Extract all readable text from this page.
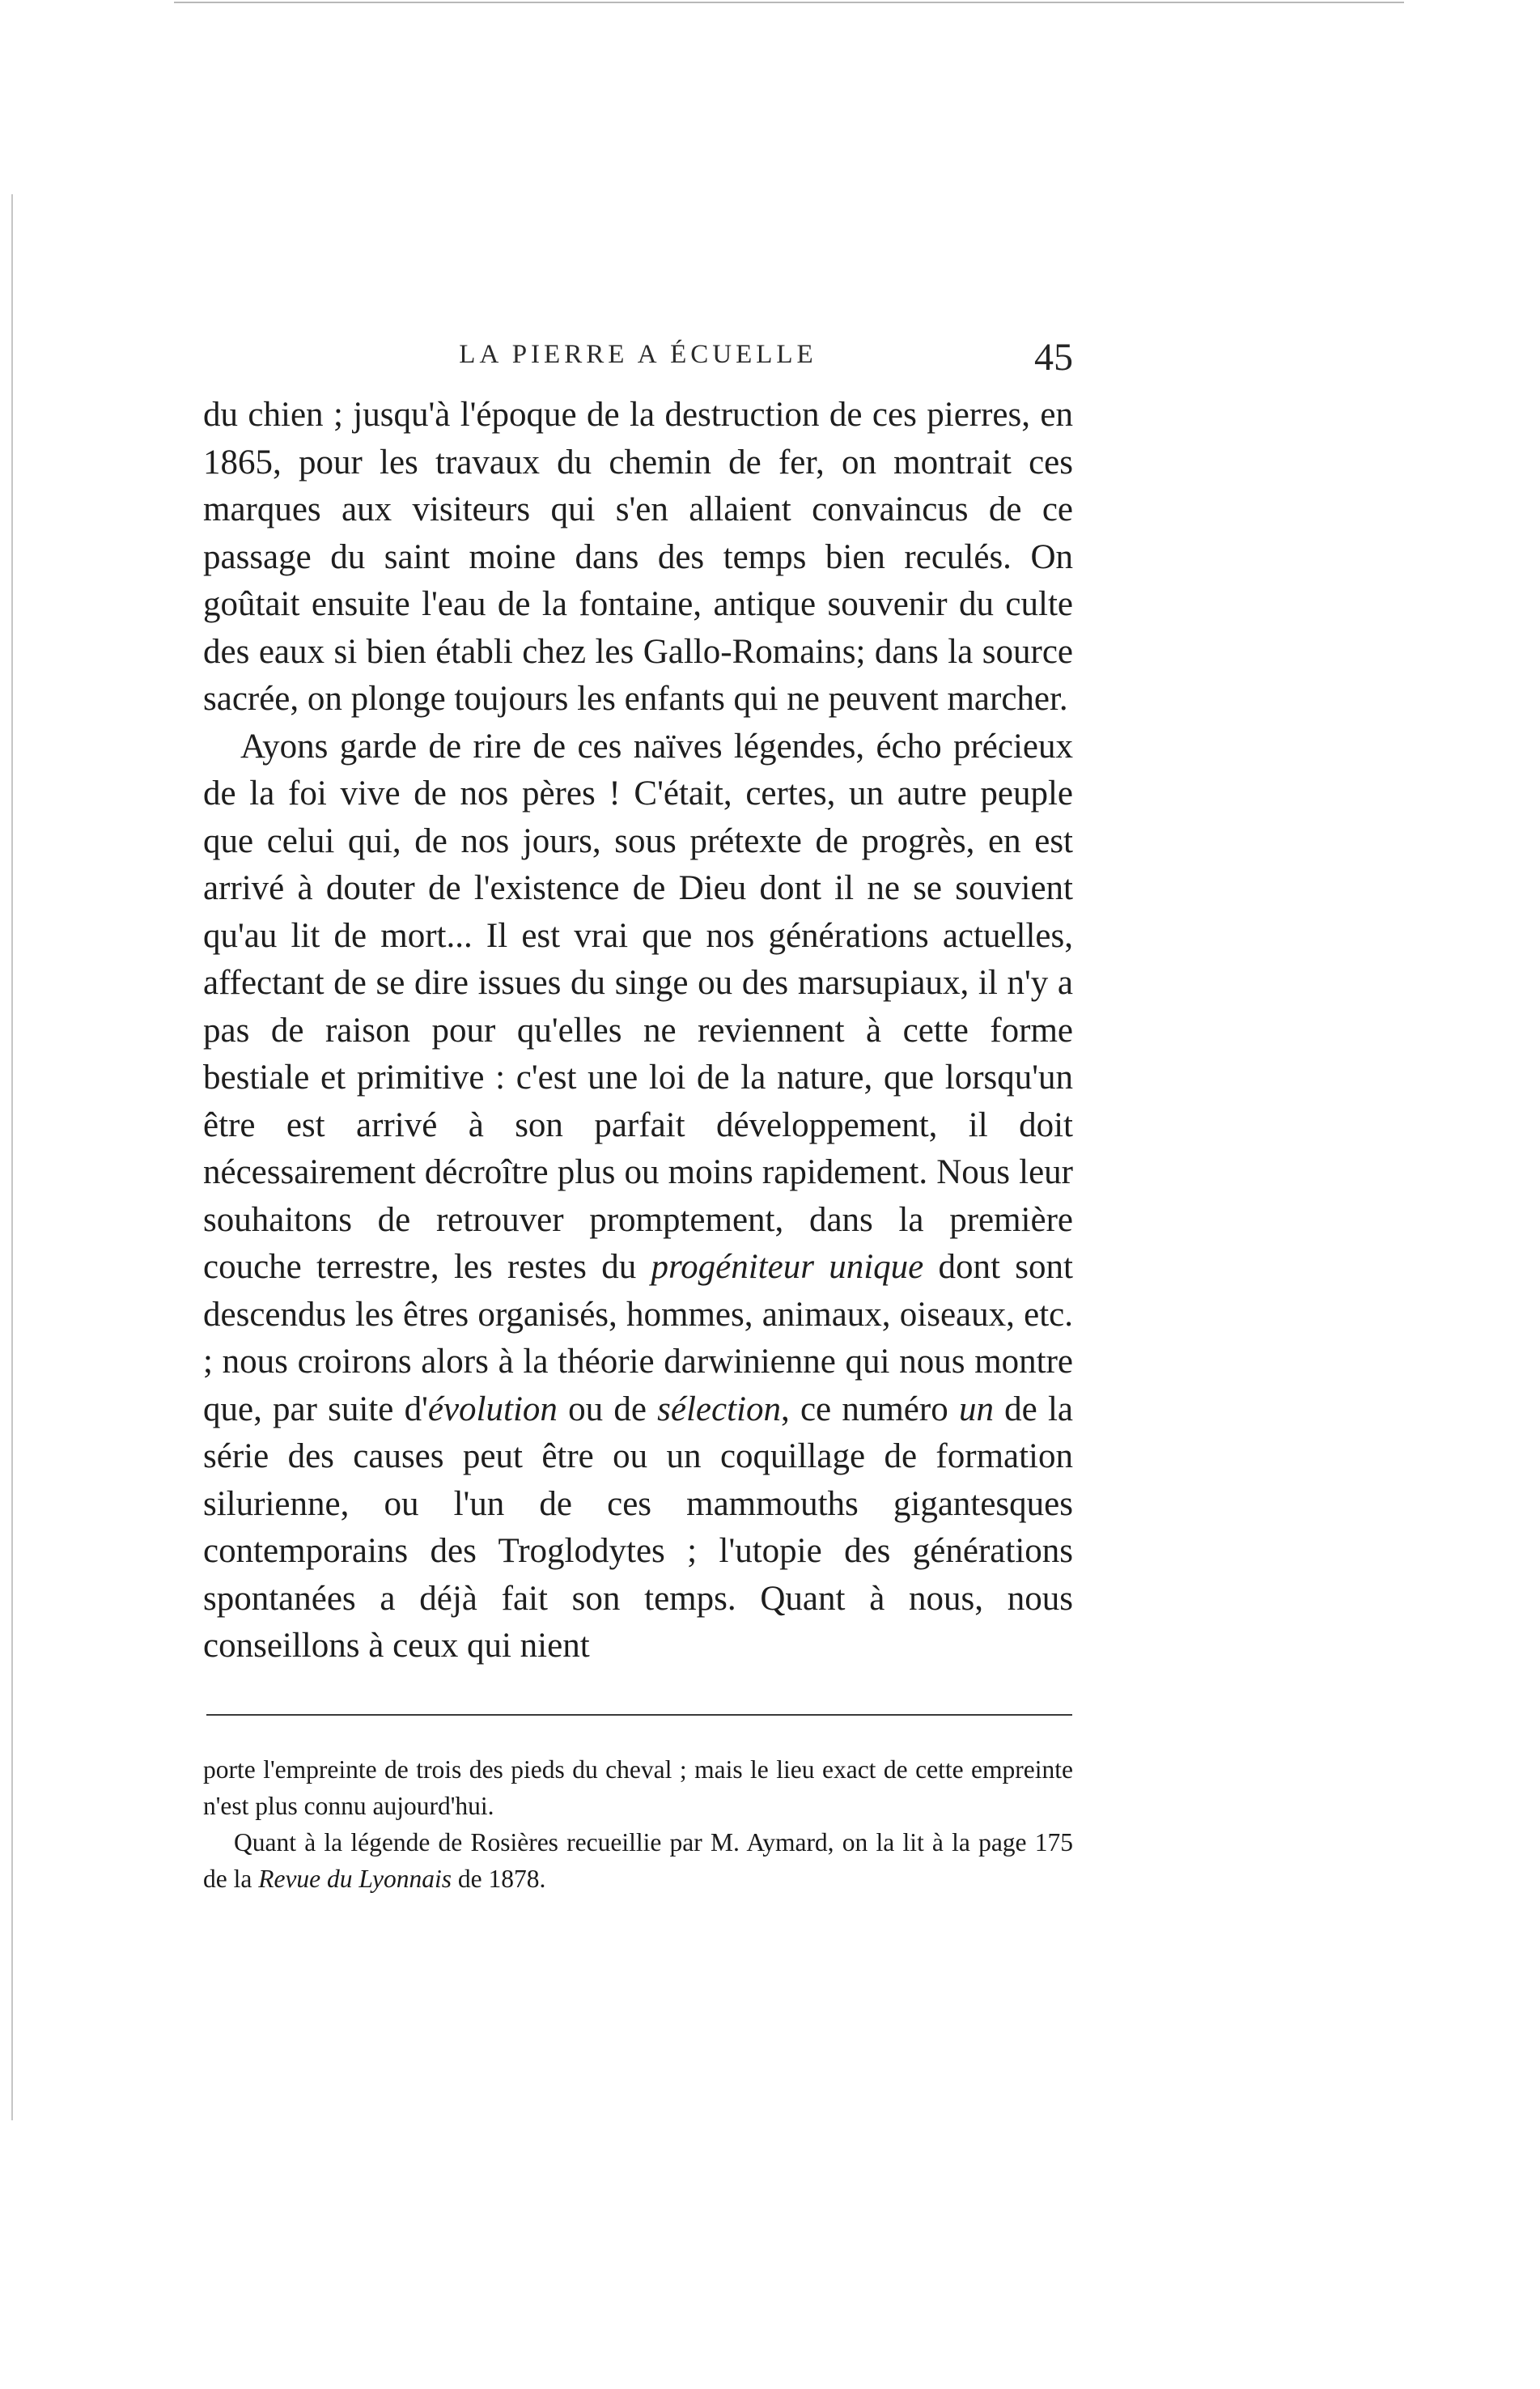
LA PIERRE A ÉCUELLE	45

du chien ; jusqu'à l'époque de la destruction de ces pierres, en 1865, pour les travaux du chemin de fer, on montrait ces marques aux visiteurs qui s'en allaient convaincus de ce passage du saint moine dans des temps bien reculés. On goûtait ensuite l'eau de la fontaine, antique souvenir du culte des eaux si bien établi chez les Gallo-Romains; dans la source sacrée, on plonge toujours les enfants qui ne peuvent marcher.

Ayons garde de rire de ces naïves légendes, écho précieux de la foi vive de nos pères ! C'était, certes, un autre peuple que celui qui, de nos jours, sous prétexte de progrès, en est arrivé à douter de l'existence de Dieu dont il ne se souvient qu'au lit de mort... Il est vrai que nos générations actuelles, affectant de se dire issues du singe ou des marsupiaux, il n'y a pas de raison pour qu'elles ne reviennent à cette forme bestiale et primitive : c'est une loi de la nature, que lorsqu'un être est arrivé à son parfait développement, il doit nécessairement décroître plus ou moins rapidement. Nous leur souhaitons de retrouver promptement, dans la première couche terrestre, les restes du progéniteur unique dont sont descendus les êtres organisés, hommes, animaux, oiseaux, etc. ; nous croirons alors à la théorie darwinienne qui nous montre que, par suite d'évolution ou de sélection, ce numéro un de la série des causes peut être ou un coquillage de formation silurienne, ou l'un de ces mammouths gigantesques contemporains des Troglodytes ; l'utopie des générations spontanées a déjà fait son temps. Quant à nous, nous conseillons à ceux qui nient

porte l'empreinte de trois des pieds du cheval ; mais le lieu exact de cette empreinte n'est plus connu aujourd'hui.

Quant à la légende de Rosières recueillie par M. Aymard, on la lit à la page 175 de la Revue du Lyonnais de 1878.
